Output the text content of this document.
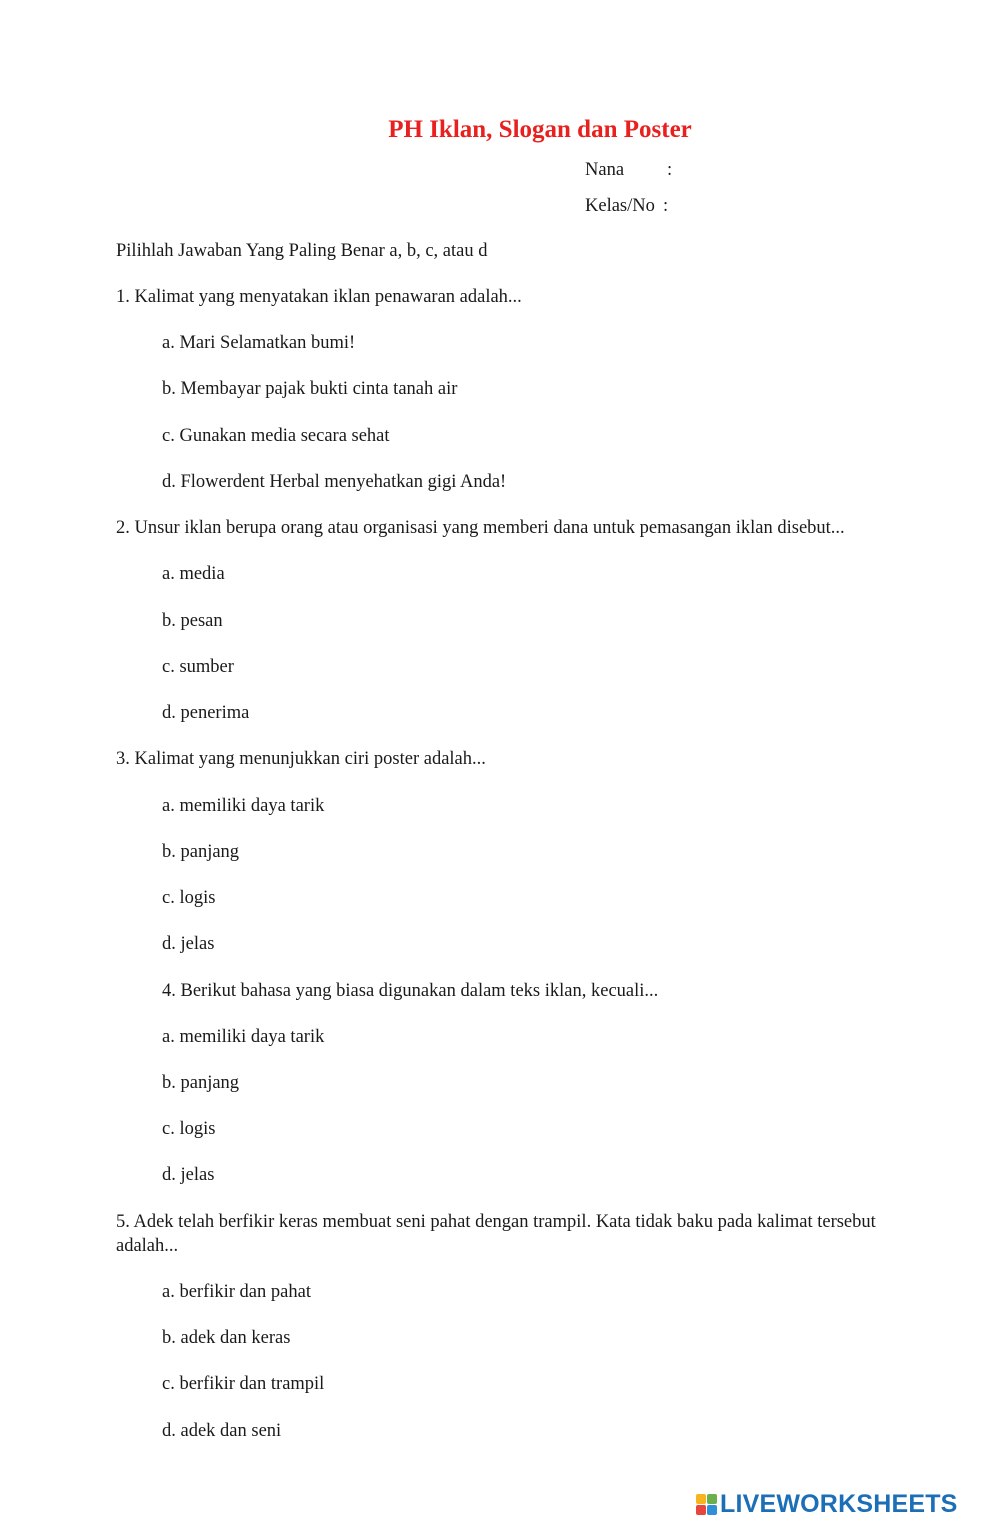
PH Iklan, Slogan dan Poster
Nana :
Kelas/No :
Pilihlah Jawaban Yang Paling Benar a, b, c, atau d
1. Kalimat yang menyatakan iklan penawaran adalah...
a. Mari Selamatkan bumi!
b. Membayar pajak bukti cinta tanah air
c. Gunakan media secara sehat
d. Flowerdent Herbal menyehatkan gigi Anda!
2. Unsur iklan berupa orang atau organisasi yang memberi dana untuk pemasangan iklan disebut...
a. media
b. pesan
c. sumber
d. penerima
3. Kalimat yang menunjukkan ciri poster adalah...
a. memiliki daya tarik
b. panjang
c. logis
d. jelas
4. Berikut bahasa yang biasa digunakan dalam teks iklan, kecuali...
a. memiliki daya tarik
b. panjang
c. logis
d. jelas
5. Adek telah berfikir keras membuat seni pahat dengan trampil. Kata tidak baku pada kalimat tersebut adalah...
a. berfikir dan pahat
b. adek dan keras
c. berfikir dan trampil
d. adek dan seni
LIVEWORKSHEETS
